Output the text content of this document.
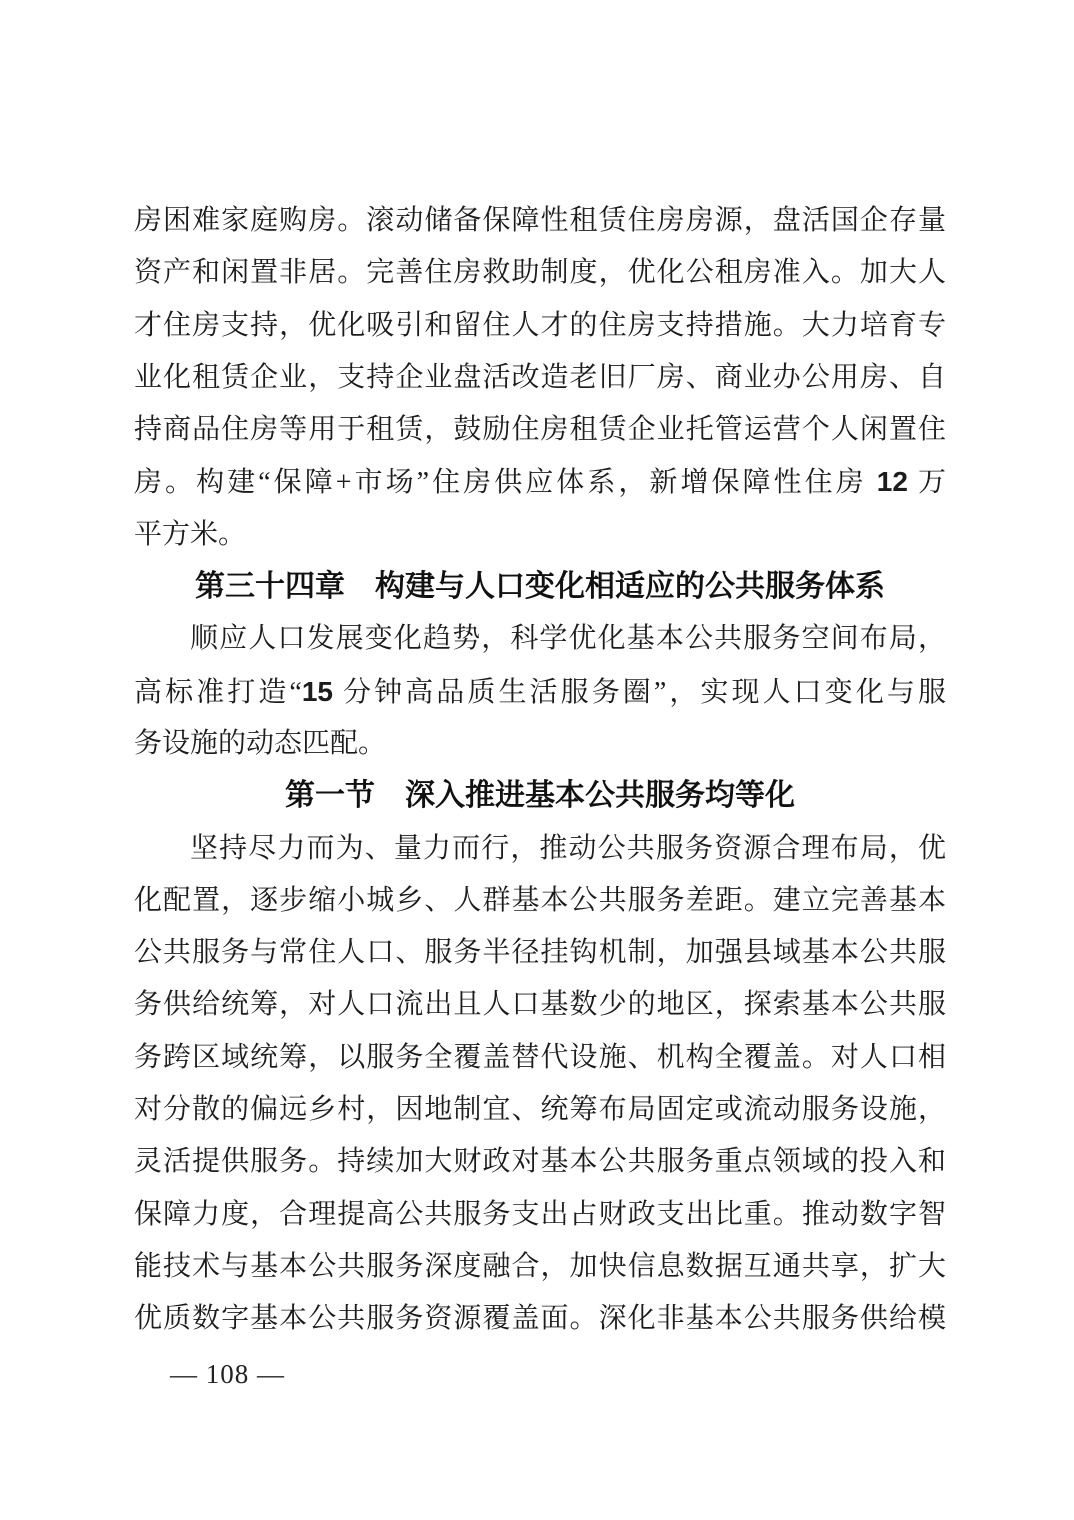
房困难家庭购房。滚动储备保障性租赁住房房源，盘活国企存量
资产和闲置非居。完善住房救助制度，优化公租房准入。加大人
才住房支持，优化吸引和留住人才的住房支持措施。大力培育专
业化租赁企业，支持企业盘活改造老旧厂房、商业办公用房、自
持商品住房等用于租赁，鼓励住房租赁企业托管运营个人闲置住
房。构建“保障+市场”住房供应体系，新增保障性住房 12 万
平方米。
第三十四章　构建与人口变化相适应的公共服务体系
顺应人口发展变化趋势，科学优化基本公共服务空间布局，
高标准打造“15 分钟高品质生活服务圈”，实现人口变化与服
务设施的动态匹配。
第一节　深入推进基本公共服务均等化
坚持尽力而为、量力而行，推动公共服务资源合理布局，优
化配置，逐步缩小城乡、人群基本公共服务差距。建立完善基本
公共服务与常住人口、服务半径挂钩机制，加强县域基本公共服
务供给统筹，对人口流出且人口基数少的地区，探索基本公共服
务跨区域统筹，以服务全覆盖替代设施、机构全覆盖。对人口相
对分散的偏远乡村，因地制宜、统筹布局固定或流动服务设施，
灵活提供服务。持续加大财政对基本公共服务重点领域的投入和
保障力度，合理提高公共服务支出占财政支出比重。推动数字智
能技术与基本公共服务深度融合，加快信息数据互通共享，扩大
优质数字基本公共服务资源覆盖面。深化非基本公共服务供给模
— 108 —
